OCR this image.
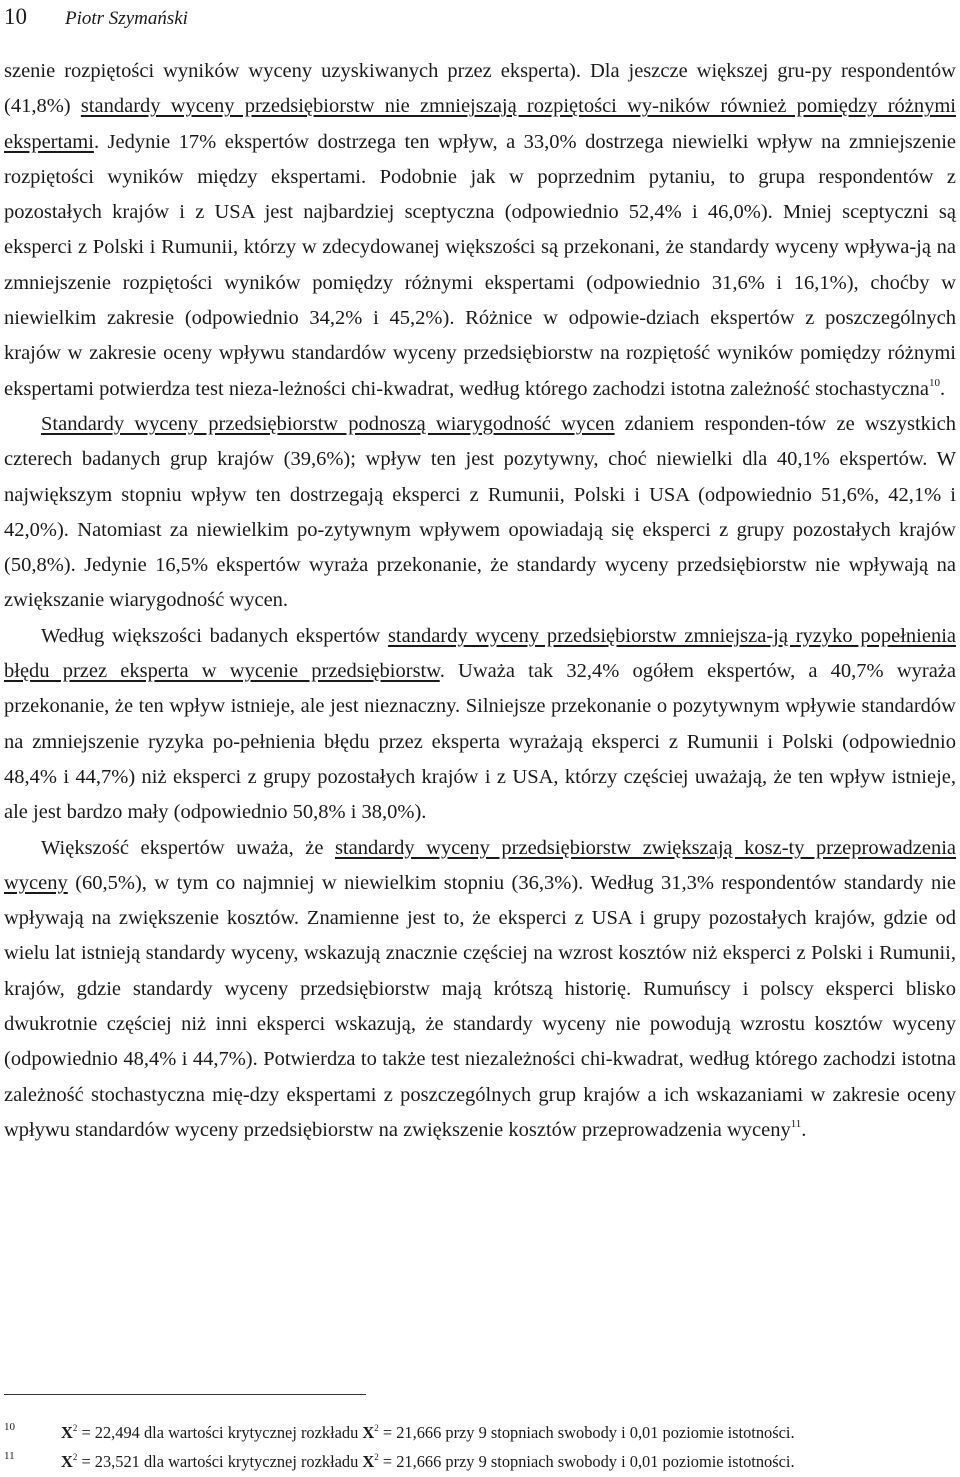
10 Piotr Szymański

szenie rozpiętości wyników wyceny uzyskiwanych przez eksperta). Dla jeszcze większej gru-py respondentów (41,8%) standardy wyceny przedsiębiorstw nie zmniejszają rozpiętości wy-ników również pomiędzy różnymi ekspertami. Jedynie 17% ekspertów dostrzega ten wpływ, a 33,0% dostrzega niewielki wpływ na zmniejszenie rozpiętości wyników między ekspertami. Podobnie jak w poprzednim pytaniu, to grupa respondentów z pozostałych krajów i z USA jest najbardziej sceptyczna (odpowiednio 52,4% i 46,0%). Mniej sceptyczni są eksperci z Polski i Rumunii, którzy w zdecydowanej większości są przekonani, że standardy wyceny wpływa-ją na zmniejszenie rozpiętości wyników pomiędzy różnymi ekspertami (odpowiednio 31,6% i 16,1%), choćby w niewielkim zakresie (odpowiednio 34,2% i 45,2%). Różnice w odpowie-dziach ekspertów z poszczególnych krajów w zakresie oceny wpływu standardów wyceny przedsiębiorstw na rozpiętość wyników pomiędzy różnymi ekspertami potwierdza test nieza-leżności chi-kwadrat, według którego zachodzi istotna zależność stochastyczna$^{10}$.

Standardy wyceny przedsiębiorstw podnoszą wiarygodność wycen zdaniem responden-tów ze wszystkich czterech badanych grup krajów (39,6%); wpływ ten jest pozytywny, choć niewielki dla 40,1% ekspertów. W największym stopniu wpływ ten dostrzegają eksperci z Rumunii, Polski i USA (odpowiednio 51,6%, 42,1% i 42,0%). Natomiast za niewielkim po-zytywnym wpływem opowiadają się eksperci z grupy pozostałych krajów (50,8%). Jedynie 16,5% ekspertów wyraża przekonanie, że standardy wyceny przedsiębiorstw nie wpływają na zwiększanie wiarygodność wycen.

Według większości badanych ekspertów standardy wyceny przedsiębiorstw zmniejsza-ją ryzyko popełnienia błędu przez eksperta w wycenie przedsiębiorstw. Uważa tak 32,4% ogółem ekspertów, a 40,7% wyraża przekonanie, że ten wpływ istnieje, ale jest nieznaczny. Silniejsze przekonanie o pozytywnym wpływie standardów na zmniejszenie ryzyka po-pełnienia błędu przez eksperta wyrażają eksperci z Rumunii i Polski (odpowiednio 48,4% i 44,7%) niż eksperci z grupy pozostałych krajów i z USA, którzy częściej uważają, że ten wpływ istnieje, ale jest bardzo mały (odpowiednio 50,8% i 38,0%).

Większość ekspertów uważa, że standardy wyceny przedsiębiorstw zwiększają kosz-ty przeprowadzenia wyceny (60,5%), w tym co najmniej w niewielkim stopniu (36,3%). Według 31,3% respondentów standardy nie wpływają na zwiększenie kosztów. Znamienne jest to, że eksperci z USA i grupy pozostałych krajów, gdzie od wielu lat istnieją standardy wyceny, wskazują znacznie częściej na wzrost kosztów niż eksperci z Polski i Rumunii, krajów, gdzie standardy wyceny przedsiębiorstw mają krótszą historię. Rumuńscy i polscy eksperci blisko dwukrotnie częściej niż inni eksperci wskazują, że standardy wyceny nie powodują wzrostu kosztów wyceny (odpowiednio 48,4% i 44,7%). Potwierdza to także test niezależności chi-kwadrat, według którego zachodzi istotna zależność stochastyczna mię-dzy ekspertami z poszczególnych grup krajów a ich wskazaniami w zakresie oceny wpływu standardów wyceny przedsiębiorstw na zwiększenie kosztów przeprowadzenia wyceny$^{11}$.

10	$X^2 = 22,494$ dla wartości krytycznej rozkładu $X^2 = 21,666$ przy 9 stopniach swobody i 0,01 poziomie istotności.
11	$X^2 = 23,521$ dla wartości krytycznej rozkładu $X^2 = 21,666$ przy 9 stopniach swobody i 0,01 poziomie istotności.
